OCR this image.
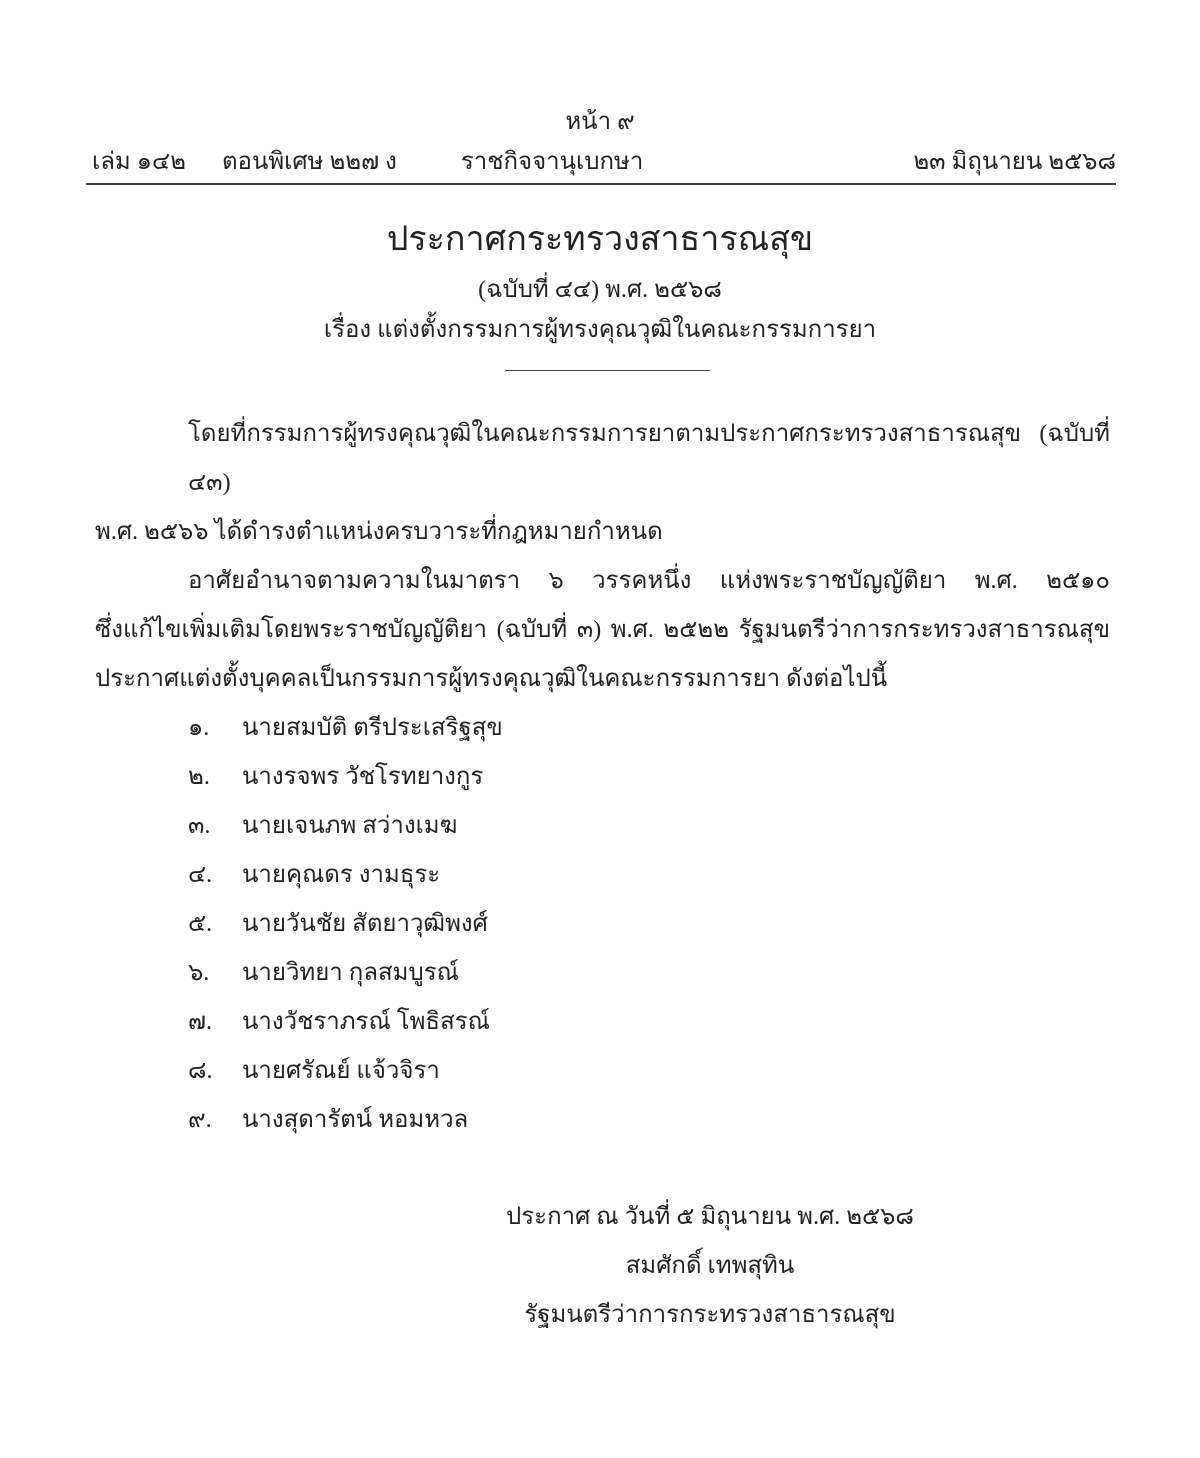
หน้า ๙
เล่ม ๑๔๒ ตอนพิเศษ ๒๒๗ ง	ราชกิจจานุเบกษา	๒๓ มิถุนายน ๒๕๖๘
ประกาศกระทรวงสาธารณสุข
(ฉบับที่ ๔๔) พ.ศ. ๒๕๖๘
เรื่อง แต่งตั้งกรรมการผู้ทรงคุณวุฒิในคณะกรรมการยา
โดยที่กรรมการผู้ทรงคุณวุฒิในคณะกรรมการยาตามประกาศกระทรวงสาธารณสุข (ฉบับที่ ๔๓)
พ.ศ. ๒๕๖๖ ได้ดำรงตำแหน่งครบวาระที่กฎหมายกำหนด
อาศัยอำนาจตามความในมาตรา ๖ วรรคหนึ่ง แห่งพระราชบัญญัติยา พ.ศ. ๒๕๑๐
ซึ่งแก้ไขเพิ่มเติมโดยพระราชบัญญัติยา (ฉบับที่ ๓) พ.ศ. ๒๕๒๒ รัฐมนตรีว่าการกระทรวงสาธารณสุข
ประกาศแต่งตั้งบุคคลเป็นกรรมการผู้ทรงคุณวุฒิในคณะกรรมการยา ดังต่อไปนี้
๑.	นายสมบัติ ตรีประเสริฐสุข
๒.	นางรจพร วัชโรทยางกูร
๓.	นายเจนภพ สว่างเมฆ
๔.	นายคุณดร งามธุระ
๕.	นายวันชัย สัตยาวุฒิพงศ์
๖.	นายวิทยา กุลสมบูรณ์
๗.	นางวัชราภรณ์ โพธิสรณ์
๘.	นายศรัณย์ แจ้วจิรา
๙.	นางสุดารัตน์ หอมหวล
ประกาศ ณ วันที่ ๕ มิถุนายน พ.ศ. ๒๕๖๘
สมศักดิ์ เทพสุทิน
รัฐมนตรีว่าการกระทรวงสาธารณสุข
